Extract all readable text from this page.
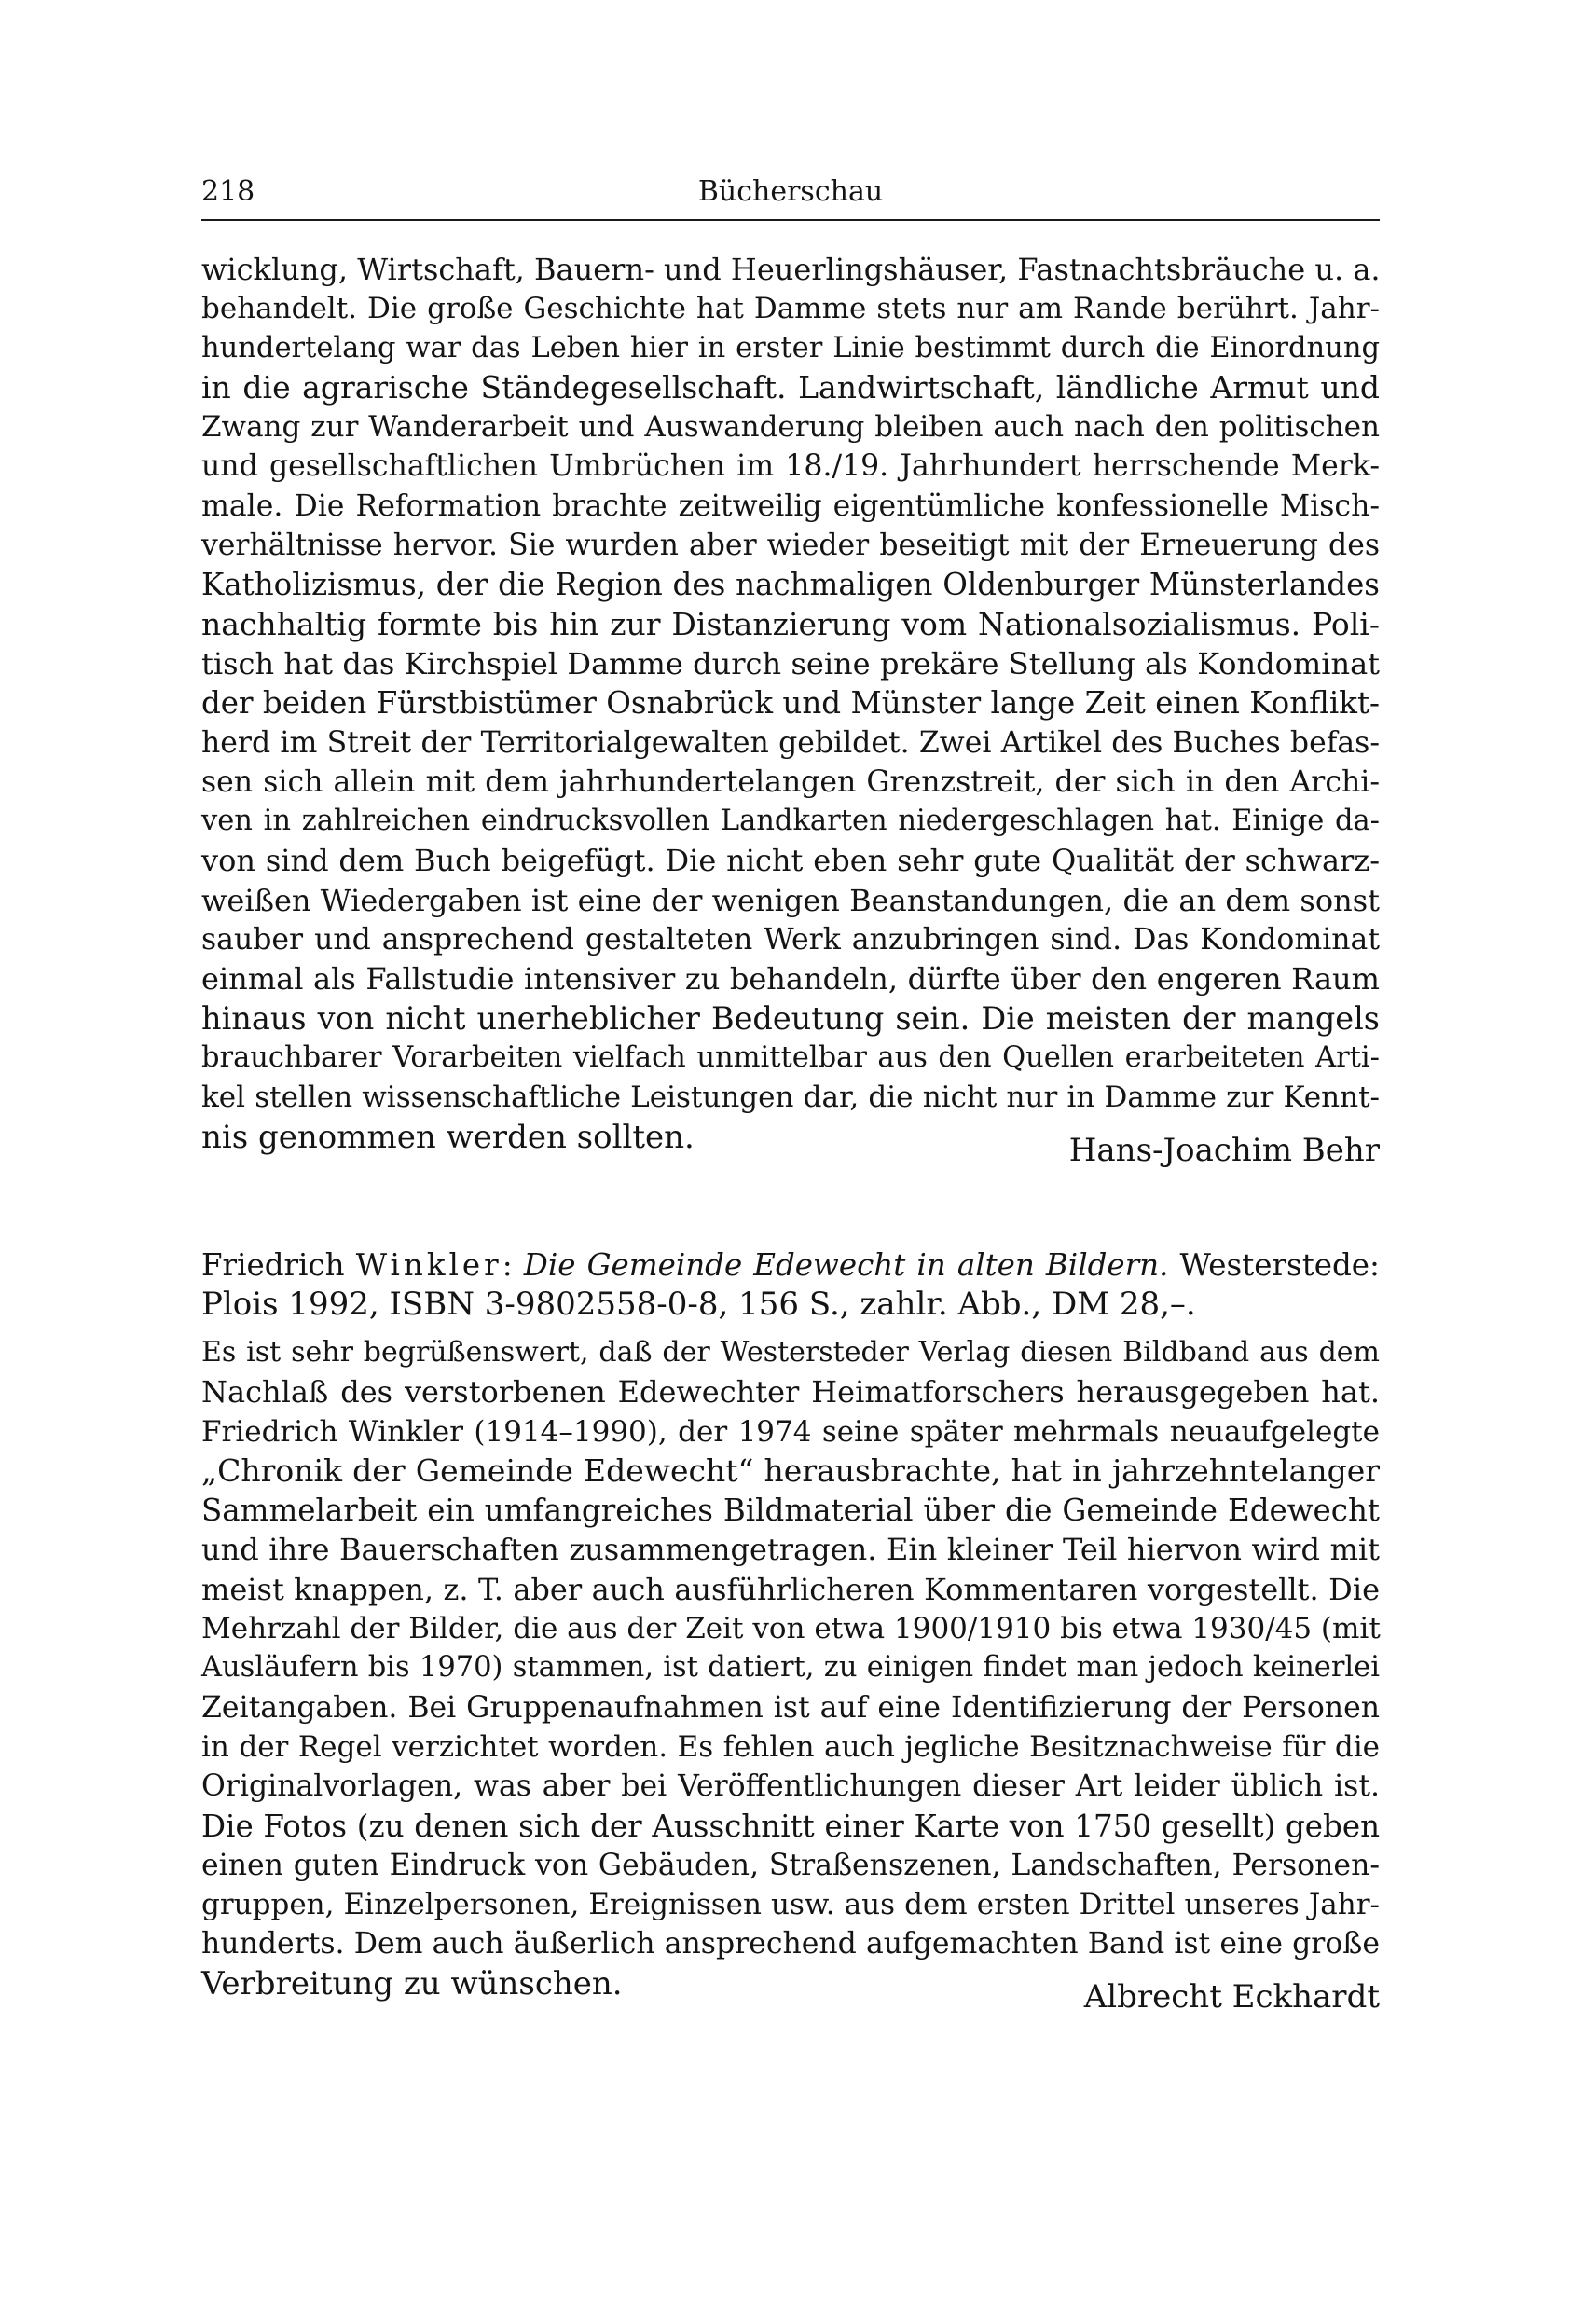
218	Bücherschau
wicklung, Wirtschaft, Bauern- und Heuerlingshäuser, Fastnachtsbräuche u. a.
behandelt. Die große Geschichte hat Damme stets nur am Rande berührt. Jahr-
hundertelang war das Leben hier in erster Linie bestimmt durch die Einordnung
in die agrarische Ständegesellschaft. Landwirtschaft, ländliche Armut und
Zwang zur Wanderarbeit und Auswanderung bleiben auch nach den politischen
und gesellschaftlichen Umbrüchen im 18./19. Jahrhundert herrschende Merk-
male. Die Reformation brachte zeitweilig eigentümliche konfessionelle Misch-
verhältnisse hervor. Sie wurden aber wieder beseitigt mit der Erneuerung des
Katholizismus, der die Region des nachmaligen Oldenburger Münsterlandes
nachhaltig formte bis hin zur Distanzierung vom Nationalsozialismus. Poli-
tisch hat das Kirchspiel Damme durch seine prekäre Stellung als Kondominat
der beiden Fürstbistümer Osnabrück und Münster lange Zeit einen Konflikt-
herd im Streit der Territorialgewalten gebildet. Zwei Artikel des Buches befas-
sen sich allein mit dem jahrhundertelangen Grenzstreit, der sich in den Archi-
ven in zahlreichen eindrucksvollen Landkarten niedergeschlagen hat. Einige da-
von sind dem Buch beigefügt. Die nicht eben sehr gute Qualität der schwarz-
weißen Wiedergaben ist eine der wenigen Beanstandungen, die an dem sonst
sauber und ansprechend gestalteten Werk anzubringen sind. Das Kondominat
einmal als Fallstudie intensiver zu behandeln, dürfte über den engeren Raum
hinaus von nicht unerheblicher Bedeutung sein. Die meisten der mangels
brauchbarer Vorarbeiten vielfach unmittelbar aus den Quellen erarbeiteten Arti-
kel stellen wissenschaftliche Leistungen dar, die nicht nur in Damme zur Kennt-
nis genommen werden sollten.	Hans-Joachim Behr
Friedrich Winkler: Die Gemeinde Edewecht in alten Bildern. Westerstede:
Plois 1992, ISBN 3-9802558-0-8, 156 S., zahlr. Abb., DM 28,–.
Es ist sehr begrüßenswert, daß der Westersteder Verlag diesen Bildband aus dem
Nachlaß des verstorbenen Edewechter Heimatforschers herausgegeben hat.
Friedrich Winkler (1914–1990), der 1974 seine später mehrmals neuaufgelegte
„Chronik der Gemeinde Edewecht“ herausbrachte, hat in jahrzehntelanger
Sammelarbeit ein umfangreiches Bildmaterial über die Gemeinde Edewecht
und ihre Bauerschaften zusammengetragen. Ein kleiner Teil hiervon wird mit
meist knappen, z. T. aber auch ausführlicheren Kommentaren vorgestellt. Die
Mehrzahl der Bilder, die aus der Zeit von etwa 1900/1910 bis etwa 1930/45 (mit
Ausläufern bis 1970) stammen, ist datiert, zu einigen findet man jedoch keinerlei
Zeitangaben. Bei Gruppenaufnahmen ist auf eine Identifizierung der Personen
in der Regel verzichtet worden. Es fehlen auch jegliche Besitznachweise für die
Originalvorlagen, was aber bei Veröffentlichungen dieser Art leider üblich ist.
Die Fotos (zu denen sich der Ausschnitt einer Karte von 1750 gesellt) geben
einen guten Eindruck von Gebäuden, Straßenszenen, Landschaften, Personen-
gruppen, Einzelpersonen, Ereignissen usw. aus dem ersten Drittel unseres Jahr-
hunderts. Dem auch äußerlich ansprechend aufgemachten Band ist eine große
Verbreitung zu wünschen.	Albrecht Eckhardt
